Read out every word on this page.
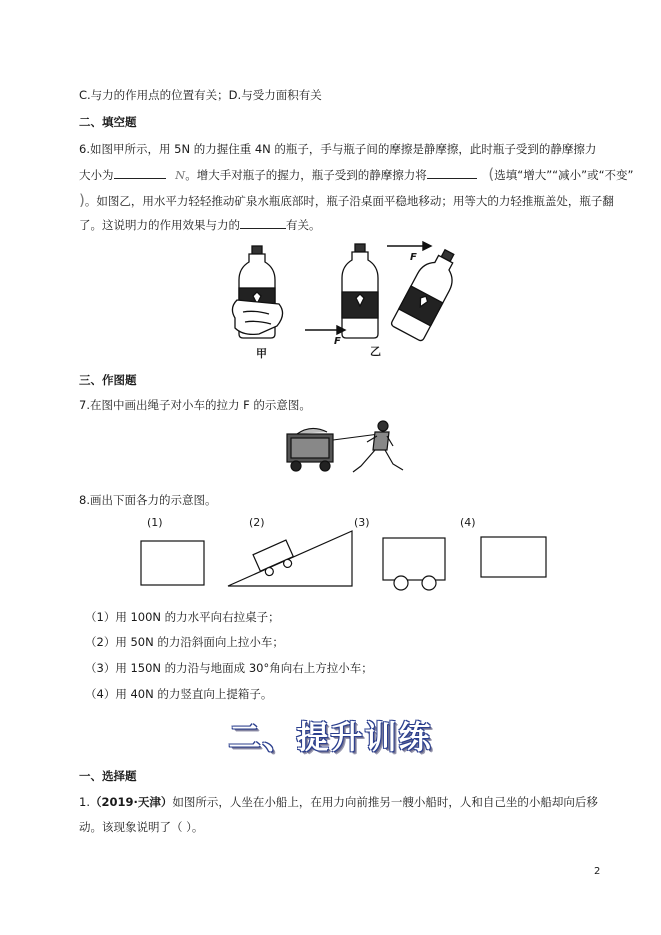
C.与力的作用点的位置有关；D.与受力面积有关
二、填空题
6.如图甲所示，用 5N 的力握住重 4N 的瓶子，手与瓶子间的摩擦是静摩擦，此时瓶子受到的静摩擦力
大小为	N。增大手对瓶子的握力，瓶子受到的静摩擦力将	(选填“增大”“减小”或“不变”
)。如图乙，用水平力轻轻推动矿泉水瓶底部时，瓶子沿桌面平稳地移动；用等大的力轻推瓶盖处，瓶子翻
了。这说明力的作用效果与力的	有关。
甲	乙
F
F
三、作图题
7.在图中画出绳子对小车的拉力 F 的示意图。
8.画出下面各力的示意图。
(1)	(2)	(3)	(4)
（1）用 100N 的力水平向右拉桌子；
（2）用 50N 的力沿斜面向上拉小车；
（3）用 150N 的力沿与地面成 30°角向右上方拉小车；
（4）用 40N 的力竖直向上提箱子。
二、提升训练
一、选择题
1.（2019·天津）如图所示，人坐在小船上，在用力向前推另一艘小船时，人和自己坐的小船却向后移
动。该现象说明了（ ）。
2
